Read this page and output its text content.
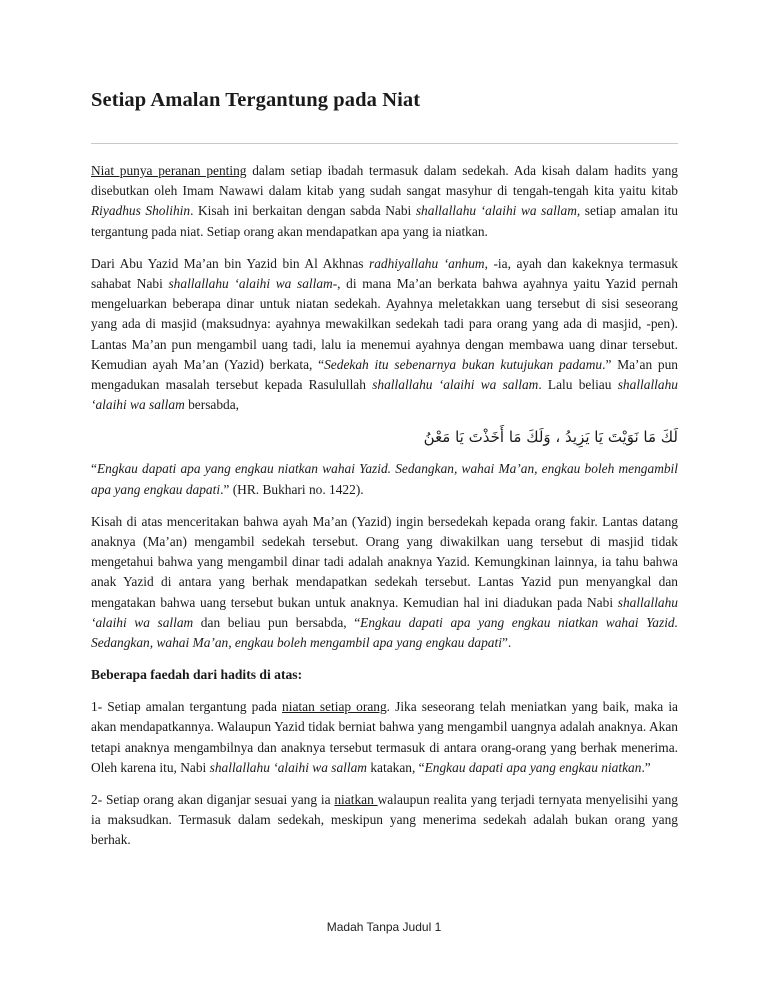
Setiap Amalan Tergantung pada Niat

Niat punya peranan penting dalam setiap ibadah termasuk dalam sedekah. Ada kisah dalam hadits yang disebutkan oleh Imam Nawawi dalam kitab yang sudah sangat masyhur di tengah-tengah kita yaitu kitab Riyadhus Sholihin. Kisah ini berkaitan dengan sabda Nabi shallallahu ‘alaihi wa sallam, setiap amalan itu tergantung pada niat. Setiap orang akan mendapatkan apa yang ia niatkan.

Dari Abu Yazid Ma’an bin Yazid bin Al Akhnas radhiyallahu ‘anhum, -ia, ayah dan kakeknya termasuk sahabat Nabi shallallahu ‘alaihi wa sallam-, di mana Ma’an berkata bahwa ayahnya yaitu Yazid pernah mengeluarkan beberapa dinar untuk niatan sedekah. Ayahnya meletakkan uang tersebut di sisi seseorang yang ada di masjid (maksudnya: ayahnya mewakilkan sedekah tadi para orang yang ada di masjid, -pen). Lantas Ma’an pun mengambil uang tadi, lalu ia menemui ayahnya dengan membawa uang dinar tersebut. Kemudian ayah Ma’an (Yazid) berkata, “Sedekah itu sebenarnya bukan kutujukan padamu.” Ma’an pun mengadukan masalah tersebut kepada Rasulullah shallallahu ‘alaihi wa sallam. Lalu beliau shallallahu ‘alaihi wa sallam bersabda,

لَكَ مَا نَوَيْتَ يَا يَزِيدُ ، وَلَكَ مَا أَخَذْتَ يَا مَعْنُ

“Engkau dapati apa yang engkau niatkan wahai Yazid. Sedangkan, wahai Ma’an, engkau boleh mengambil apa yang engkau dapati.” (HR. Bukhari no. 1422).

Kisah di atas menceritakan bahwa ayah Ma’an (Yazid) ingin bersedekah kepada orang fakir. Lantas datang anaknya (Ma’an) mengambil sedekah tersebut. Orang yang diwakilkan uang tersebut di masjid tidak mengetahui bahwa yang mengambil dinar tadi adalah anaknya Yazid. Kemungkinan lainnya, ia tahu bahwa anak Yazid di antara yang berhak mendapatkan sedekah tersebut. Lantas Yazid pun menyangkal dan mengatakan bahwa uang tersebut bukan untuk anaknya. Kemudian hal ini diadukan pada Nabi shallallahu ‘alaihi wa sallam dan beliau pun bersabda, “Engkau dapati apa yang engkau niatkan wahai Yazid. Sedangkan, wahai Ma’an, engkau boleh mengambil apa yang engkau dapati”.

Beberapa faedah dari hadits di atas:

1- Setiap amalan tergantung pada niatan setiap orang. Jika seseorang telah meniatkan yang baik, maka ia akan mendapatkannya. Walaupun Yazid tidak berniat bahwa yang mengambil uangnya adalah anaknya. Akan tetapi anaknya mengambilnya dan anaknya tersebut termasuk di antara orang-orang yang berhak menerima. Oleh karena itu, Nabi shallallahu ‘alaihi wa sallam katakan, “Engkau dapati apa yang engkau niatkan.”

2- Setiap orang akan diganjar sesuai yang ia niatkan walaupun realita yang terjadi ternyata menyelisihi yang ia maksudkan. Termasuk dalam sedekah, meskipun yang menerima sedekah adalah bukan orang yang berhak.

Madah Tanpa Judul 1
